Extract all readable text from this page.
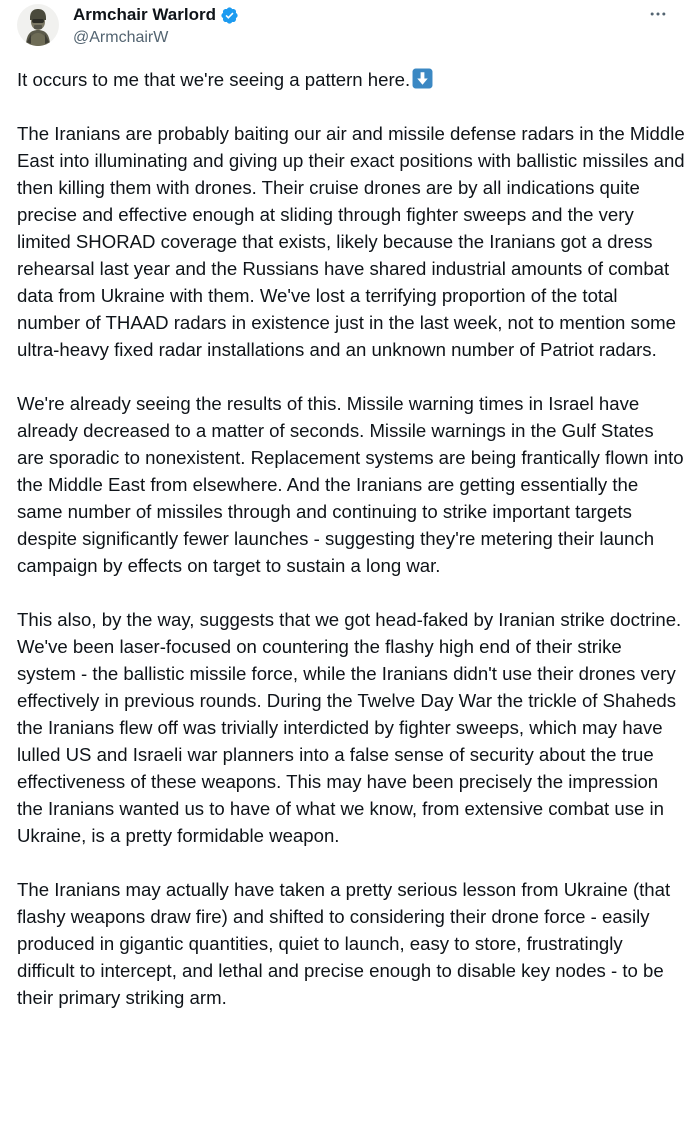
Armchair Warlord
@ArmchairW

It occurs to me that we're seeing a pattern here.

The Iranians are probably baiting our air and missile defense radars in the Middle East into illuminating and giving up their exact positions with ballistic missiles and then killing them with drones. Their cruise drones are by all indications quite precise and effective enough at sliding through fighter sweeps and the very limited SHORAD coverage that exists, likely because the Iranians got a dress rehearsal last year and the Russians have shared industrial amounts of combat data from Ukraine with them. We've lost a terrifying proportion of the total number of THAAD radars in existence just in the last week, not to mention some ultra-heavy fixed radar installations and an unknown number of Patriot radars.

We're already seeing the results of this. Missile warning times in Israel have already decreased to a matter of seconds. Missile warnings in the Gulf States are sporadic to nonexistent. Replacement systems are being frantically flown into the Middle East from elsewhere. And the Iranians are getting essentially the same number of missiles through and continuing to strike important targets despite significantly fewer launches - suggesting they're metering their launch campaign by effects on target to sustain a long war.

This also, by the way, suggests that we got head-faked by Iranian strike doctrine. We've been laser-focused on countering the flashy high end of their strike system - the ballistic missile force, while the Iranians didn't use their drones very effectively in previous rounds. During the Twelve Day War the trickle of Shaheds the Iranians flew off was trivially interdicted by fighter sweeps, which may have lulled US and Israeli war planners into a false sense of security about the true effectiveness of these weapons. This may have been precisely the impression the Iranians wanted us to have of what we know, from extensive combat use in Ukraine, is a pretty formidable weapon.

The Iranians may actually have taken a pretty serious lesson from Ukraine (that flashy weapons draw fire) and shifted to considering their drone force - easily produced in gigantic quantities, quiet to launch, easy to store, frustratingly difficult to intercept, and lethal and precise enough to disable key nodes - to be their primary striking arm.
